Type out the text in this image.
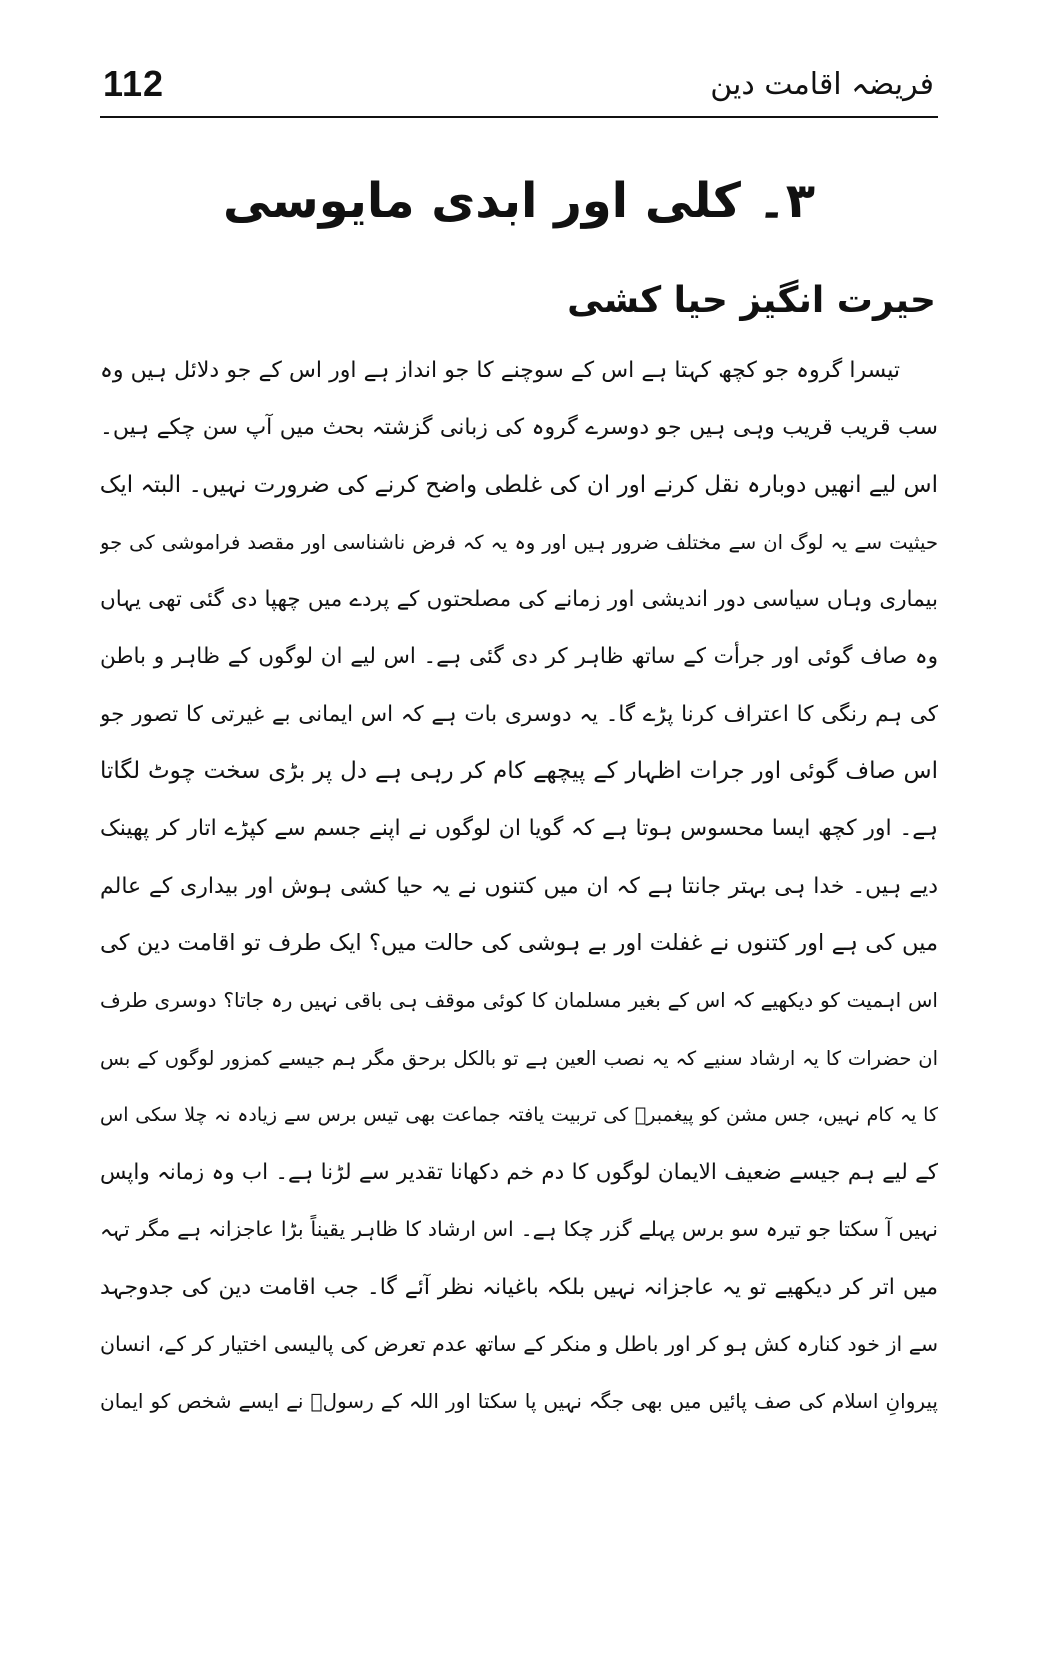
112	فریضہ اقامت دین
۳۔ کلی اور ابدی مایوسی
حیرت انگیز حیا کشی
تیسرا گروہ جو کچھ کہتا ہے اس کے سوچنے کا جو انداز ہے اور اس کے جو دلائل ہیں وہ
سب قریب قریب وہی ہیں جو دوسرے گروہ کی زبانی گزشتہ بحث میں آپ سن چکے ہیں۔
اس لیے انھیں دوبارہ نقل کرنے اور ان کی غلطی واضح کرنے کی ضرورت نہیں۔ البتہ ایک
حیثیت سے یہ لوگ ان سے مختلف ضرور ہیں اور وہ یہ کہ فرض ناشناسی اور مقصد فراموشی کی جو
بیماری وہاں سیاسی دور اندیشی اور زمانے کی مصلحتوں کے پردے میں چھپا دی گئی تھی یہاں
وہ صاف گوئی اور جرأت کے ساتھ ظاہر کر دی گئی ہے۔ اس لیے ان لوگوں کے ظاہر و باطن
کی ہم رنگی کا اعتراف کرنا پڑے گا۔ یہ دوسری بات ہے کہ اس ایمانی بے غیرتی کا تصور جو
اس صاف گوئی اور جرات اظہار کے پیچھے کام کر رہی ہے دل پر بڑی سخت چوٹ لگاتا
ہے۔ اور کچھ ایسا محسوس ہوتا ہے کہ گویا ان لوگوں نے اپنے جسم سے کپڑے اتار کر پھینک
دیے ہیں۔ خدا ہی بہتر جانتا ہے کہ ان میں کتنوں نے یہ حیا کشی ہوش اور بیداری کے عالم
میں کی ہے اور کتنوں نے غفلت اور بے ہوشی کی حالت میں؟ ایک طرف تو اقامت دین کی
اس اہمیت کو دیکھیے کہ اس کے بغیر مسلمان کا کوئی موقف ہی باقی نہیں رہ جاتا؟ دوسری طرف
ان حضرات کا یہ ارشاد سنیے کہ یہ نصب العین ہے تو بالکل برحق مگر ہم جیسے کمزور لوگوں کے بس
کا یہ کام نہیں، جس مشن کو پیغمبرؐ کی تربیت یافتہ جماعت بھی تیس برس سے زیادہ نہ چلا سکی اس
کے لیے ہم جیسے ضعیف الایمان لوگوں کا دم خم دکھانا تقدیر سے لڑنا ہے۔ اب وہ زمانہ واپس
نہیں آ سکتا جو تیرہ سو برس پہلے گزر چکا ہے۔ اس ارشاد کا ظاہر یقیناً بڑا عاجزانہ ہے مگر تہہ
میں اتر کر دیکھیے تو یہ عاجزانہ نہیں بلکہ باغیانہ نظر آئے گا۔ جب اقامت دین کی جدوجہد
سے از خود کنارہ کش ہو کر اور باطل و منکر کے ساتھ عدم تعرض کی پالیسی اختیار کر کے، انسان
پیروانِ اسلام کی صف پائیں میں بھی جگہ نہیں پا سکتا اور اللہ کے رسولؐ نے ایسے شخص کو ایمان
